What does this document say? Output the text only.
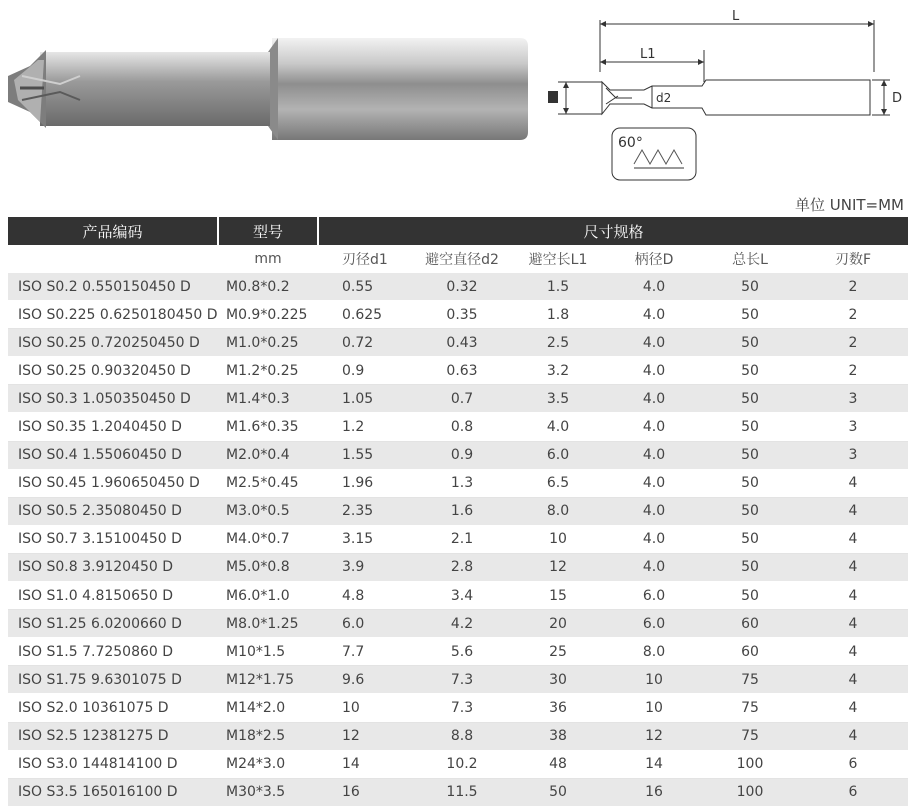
L
L1
d2	D
60°
单位 UNIT=MM
产品编码	型号	尺寸规格					
	mm	刃径d1	避空直径d2	避空长L1	柄径D	总长L	刃数F
ISO S0.2 0.550150450 D	M0.8*0.2	0.55	0.32	1.5	4.0	50	2
ISO S0.225 0.6250180450 D	M0.9*0.225	0.625	0.35	1.8	4.0	50	2
ISO S0.25 0.720250450 D	M1.0*0.25	0.72	0.43	2.5	4.0	50	2
ISO S0.25 0.90320450 D	M1.2*0.25	0.9	0.63	3.2	4.0	50	2
ISO S0.3 1.050350450 D	M1.4*0.3	1.05	0.7	3.5	4.0	50	3
ISO S0.35 1.2040450 D	M1.6*0.35	1.2	0.8	4.0	4.0	50	3
ISO S0.4 1.55060450 D	M2.0*0.4	1.55	0.9	6.0	4.0	50	3
ISO S0.45 1.960650450 D	M2.5*0.45	1.96	1.3	6.5	4.0	50	4
ISO S0.5 2.35080450 D	M3.0*0.5	2.35	1.6	8.0	4.0	50	4
ISO S0.7 3.15100450 D	M4.0*0.7	3.15	2.1	10	4.0	50	4
ISO S0.8 3.9120450 D	M5.0*0.8	3.9	2.8	12	4.0	50	4
ISO S1.0 4.8150650 D	M6.0*1.0	4.8	3.4	15	6.0	50	4
ISO S1.25 6.0200660 D	M8.0*1.25	6.0	4.2	20	6.0	60	4
ISO S1.5 7.7250860 D	M10*1.5	7.7	5.6	25	8.0	60	4
ISO S1.75 9.6301075 D	M12*1.75	9.6	7.3	30	10	75	4
ISO S2.0 10361075 D	M14*2.0	10	7.3	36	10	75	4
ISO S2.5 12381275 D	M18*2.5	12	8.8	38	12	75	4
ISO S3.0 144814100 D	M24*3.0	14	10.2	48	14	100	6
ISO S3.5 165016100 D	M30*3.5	16	11.5	50	16	100	6
